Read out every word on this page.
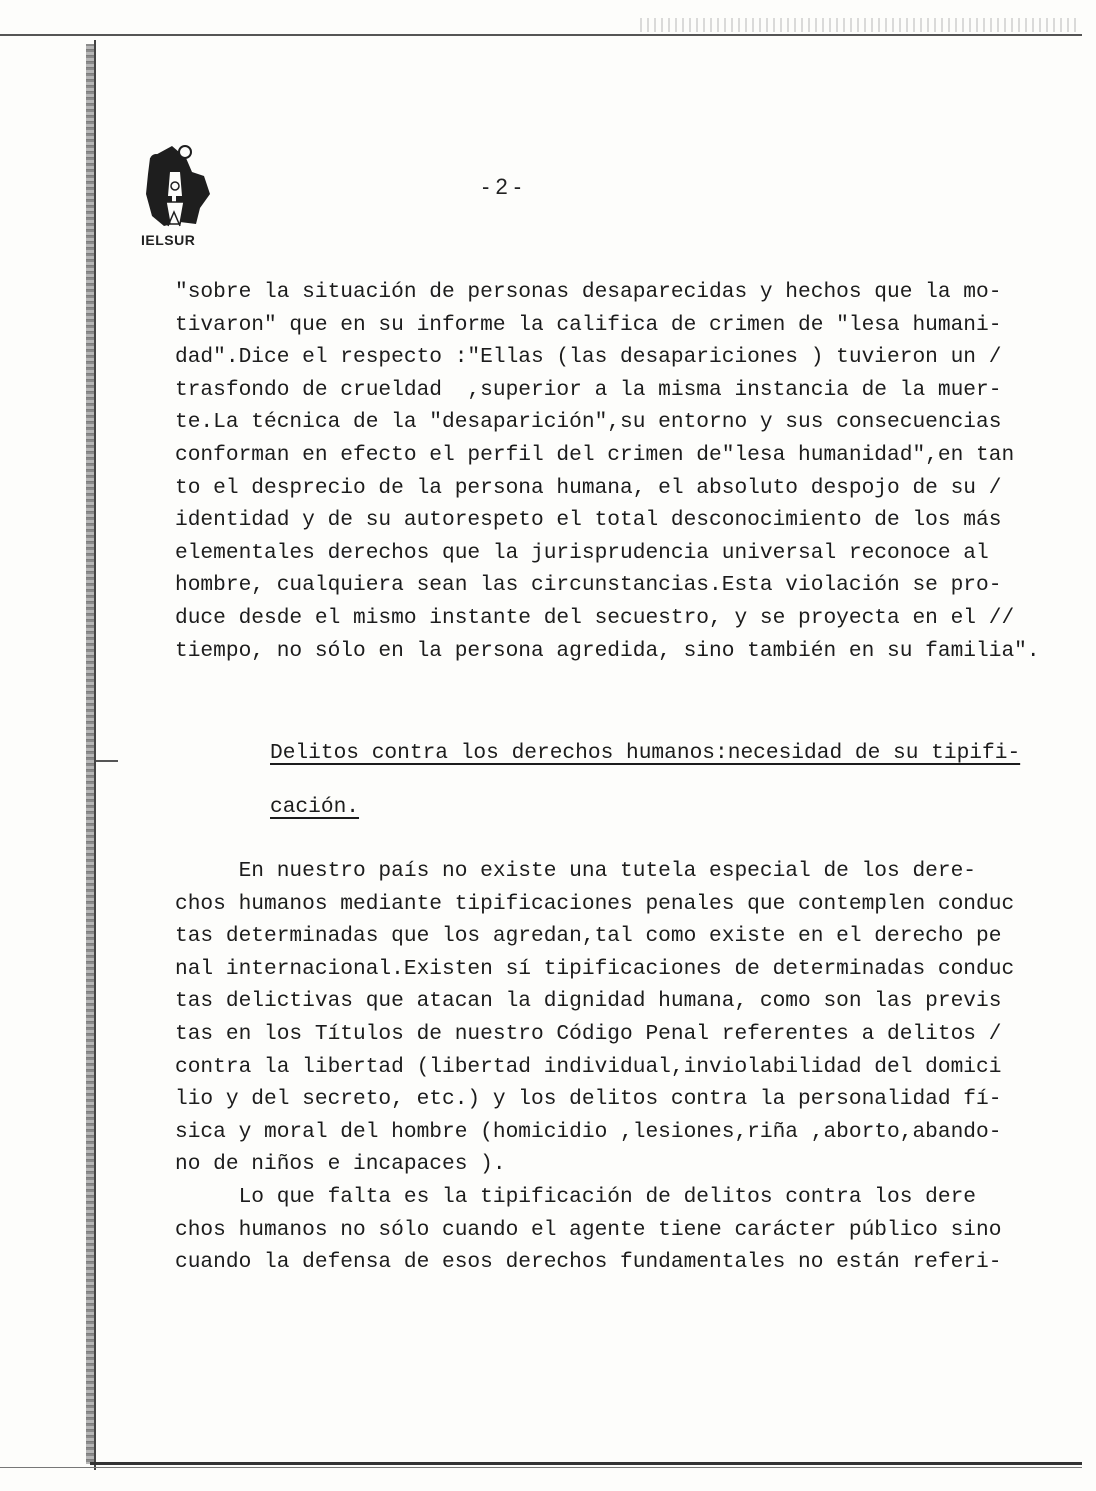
IELSUR
- 2 -
"sobre la situación de personas desaparecidas y hechos que la mo-
tivaron" que en su informe la califica de crimen de "lesa humani-
dad".Dice el respecto :"Ellas (las desapariciones ) tuvieron un /
trasfondo de crueldad  ,superior a la misma instancia de la muer-
te.La técnica de la "desaparición",su entorno y sus consecuencias
conforman en efecto el perfil del crimen de"lesa humanidad",en tan
to el desprecio de la persona humana, el absoluto despojo de su /
identidad y de su autorespeto el total desconocimiento de los más
elementales derechos que la jurisprudencia universal reconoce al
hombre, cualquiera sean las circunstancias.Esta violación se pro-
duce desde el mismo instante del secuestro, y se proyecta en el //
tiempo, no sólo en la persona agredida, sino también en su familia".
Delitos contra los derechos humanos:necesidad de su tipifi-
cación.
En nuestro país no existe una tutela especial de los dere-
chos humanos mediante tipificaciones penales que contemplen conduc
tas determinadas que los agredan,tal como existe en el derecho pe
nal internacional.Existen sí tipificaciones de determinadas conduc
tas delictivas que atacan la dignidad humana, como son las previs
tas en los Títulos de nuestro Código Penal referentes a delitos /
contra la libertad (libertad individual,inviolabilidad del domici
lio y del secreto, etc.) y los delitos contra la personalidad fí-
sica y moral del hombre (homicidio ,lesiones,riña ,aborto,abando-
no de niños e incapaces ).
Lo que falta es la tipificación de delitos contra los dere
chos humanos no sólo cuando el agente tiene carácter público sino
cuando la defensa de esos derechos fundamentales no están referi-
